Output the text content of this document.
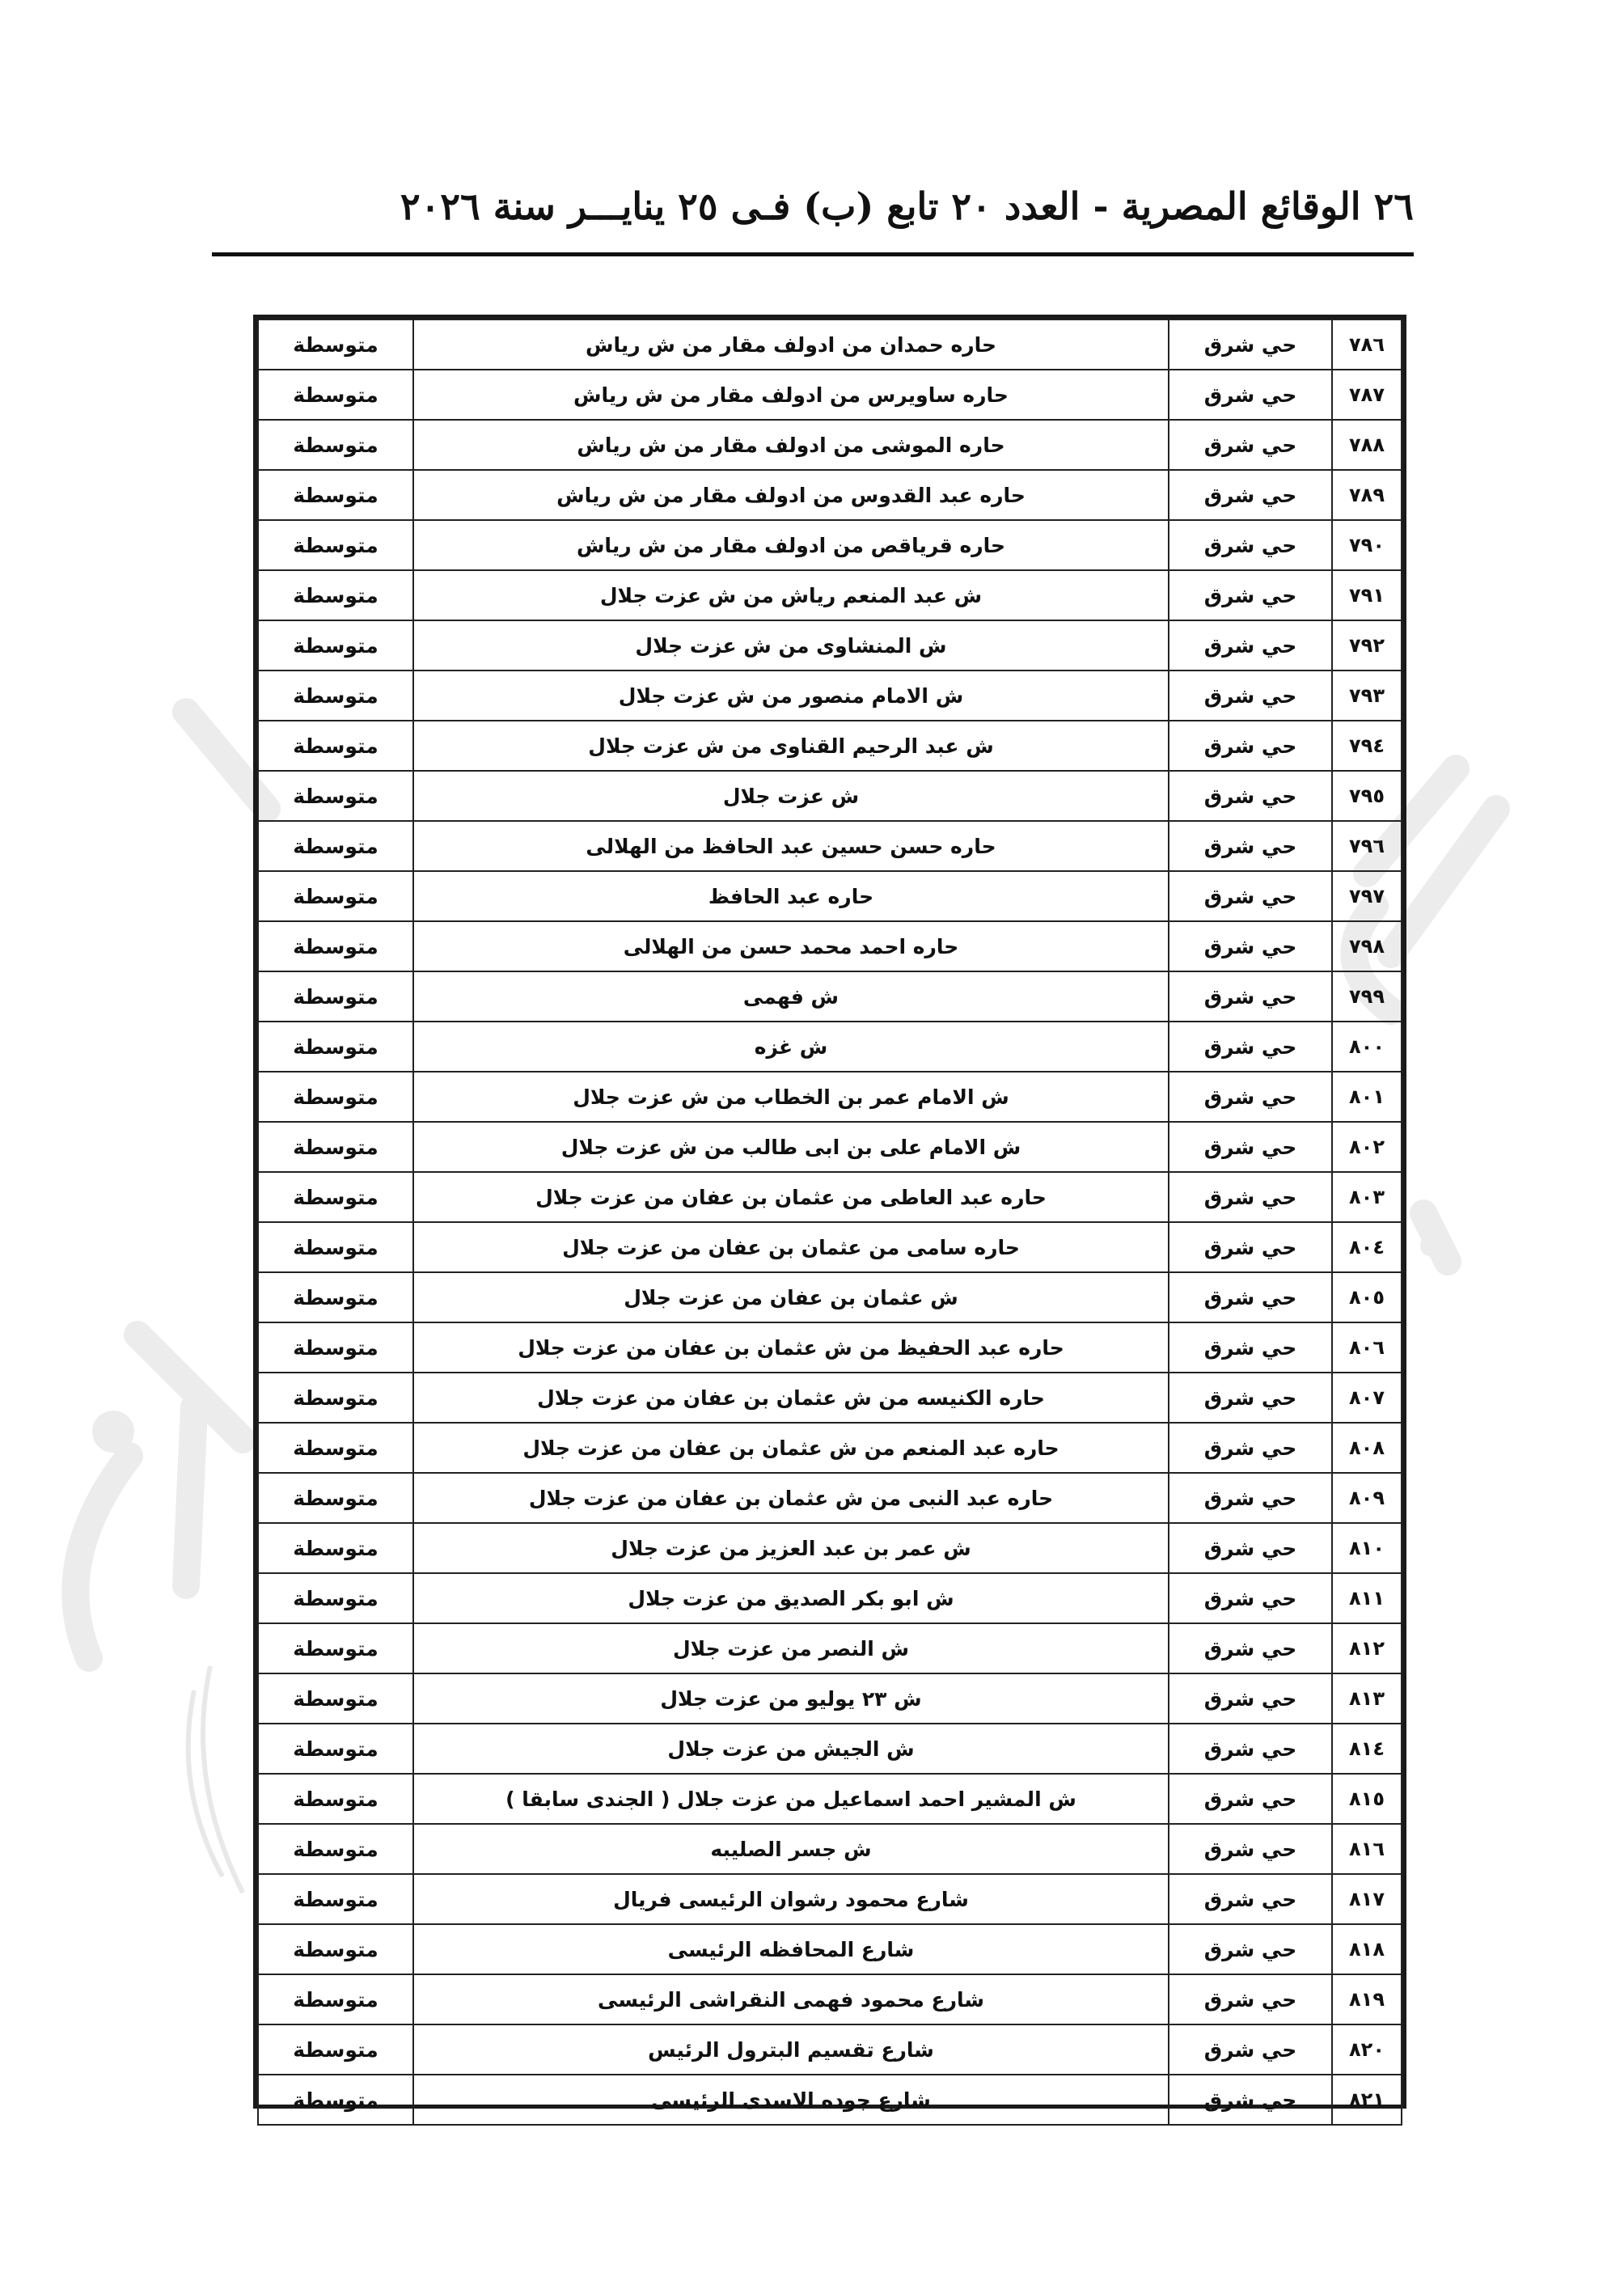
٢٦ الوقائع المصرية - العدد ٢٠ تابع (ب) فـى ٢٥ ينايـــر سنة ٢٠٢٦
٧٨٦	حي شرق	حاره حمدان من ادولف مقار من ش رياش	متوسطة
٧٨٧	حي شرق	حاره ساويرس من ادولف مقار من ش رياش	متوسطة
٧٨٨	حي شرق	حاره الموشى من ادولف مقار من ش رياش	متوسطة
٧٨٩	حي شرق	حاره عبد القدوس من ادولف مقار من ش رياش	متوسطة
٧٩٠	حي شرق	حاره قرياقص من ادولف مقار من ش رياش	متوسطة
٧٩١	حي شرق	ش عبد المنعم رياش من ش عزت جلال	متوسطة
٧٩٢	حي شرق	ش المنشاوى من ش عزت جلال	متوسطة
٧٩٣	حي شرق	ش الامام منصور من ش عزت جلال	متوسطة
٧٩٤	حي شرق	ش عبد الرحيم القناوى من ش عزت جلال	متوسطة
٧٩٥	حي شرق	ش عزت جلال	متوسطة
٧٩٦	حي شرق	حاره حسن حسين عبد الحافظ من الهلالى	متوسطة
٧٩٧	حي شرق	حاره عبد الحافظ	متوسطة
٧٩٨	حي شرق	حاره احمد محمد حسن من الهلالى	متوسطة
٧٩٩	حي شرق	ش فهمى	متوسطة
٨٠٠	حي شرق	ش غزه	متوسطة
٨٠١	حي شرق	ش الامام عمر بن الخطاب من ش عزت جلال	متوسطة
٨٠٢	حي شرق	ش الامام على بن ابى طالب من ش عزت جلال	متوسطة
٨٠٣	حي شرق	حاره عبد العاطى من عثمان بن عفان من عزت جلال	متوسطة
٨٠٤	حي شرق	حاره سامى من عثمان بن عفان من عزت جلال	متوسطة
٨٠٥	حي شرق	ش عثمان بن عفان من عزت جلال	متوسطة
٨٠٦	حي شرق	حاره عبد الحفيظ من ش عثمان بن عفان من عزت جلال	متوسطة
٨٠٧	حي شرق	حاره الكنيسه من ش عثمان بن عفان من عزت جلال	متوسطة
٨٠٨	حي شرق	حاره عبد المنعم من ش عثمان بن عفان من عزت جلال	متوسطة
٨٠٩	حي شرق	حاره عبد النبى من ش عثمان بن عفان من عزت جلال	متوسطة
٨١٠	حي شرق	ش عمر بن عبد العزيز من عزت جلال	متوسطة
٨١١	حي شرق	ش ابو بكر الصديق من عزت جلال	متوسطة
٨١٢	حي شرق	ش النصر من عزت جلال	متوسطة
٨١٣	حي شرق	ش ٢٣ يوليو من عزت جلال	متوسطة
٨١٤	حي شرق	ش الجيش من عزت جلال	متوسطة
٨١٥	حي شرق	ش المشير احمد اسماعيل من عزت جلال ( الجندى سابقا )	متوسطة
٨١٦	حي شرق	ش جسر الصليبه	متوسطة
٨١٧	حي شرق	شارع محمود رشوان الرئيسى فريال	متوسطة
٨١٨	حي شرق	شارع المحافظه الرئيسى	متوسطة
٨١٩	حي شرق	شارع محمود فهمى النقراشى الرئيسى	متوسطة
٨٢٠	حي شرق	شارع تقسيم البترول الرئيس	متوسطة
٨٢١	حي شرق	شارع جوده الاسدى الرئيسى	متوسطة
